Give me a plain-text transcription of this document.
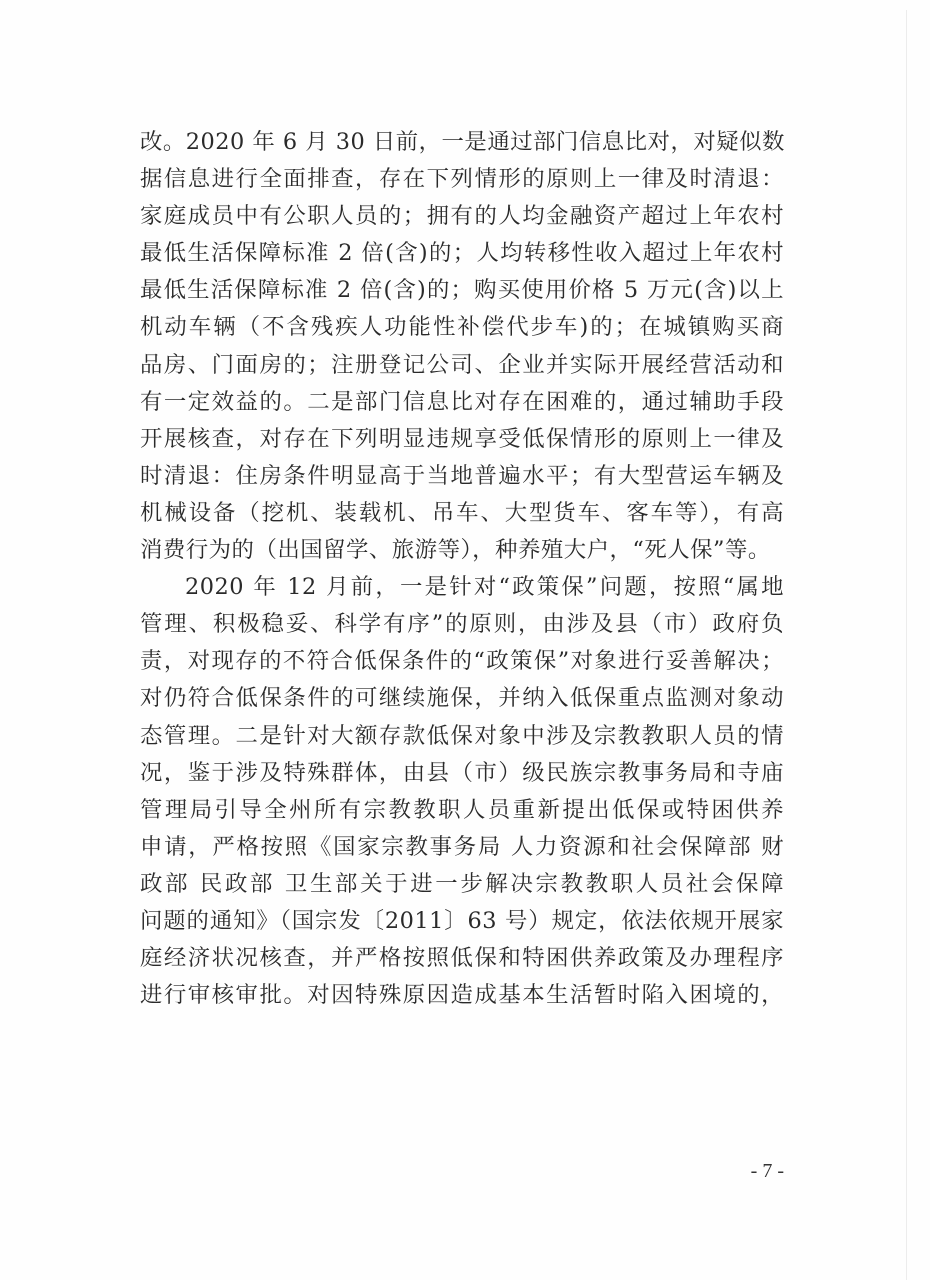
改。2020 年 6 月 30 日前，一是通过部门信息比对，对疑似数
据信息进行全面排查，存在下列情形的原则上一律及时清退：
家庭成员中有公职人员的；拥有的人均金融资产超过上年农村
最低生活保障标准 2 倍(含)的；人均转移性收入超过上年农村
最低生活保障标准 2 倍(含)的；购买使用价格 5 万元(含)以上
机动车辆（不含残疾人功能性补偿代步车)的；在城镇购买商
品房、门面房的；注册登记公司、企业并实际开展经营活动和
有一定效益的。二是部门信息比对存在困难的，通过辅助手段
开展核查，对存在下列明显违规享受低保情形的原则上一律及
时清退：住房条件明显高于当地普遍水平；有大型营运车辆及
机械设备（挖机、装载机、吊车、大型货车、客车等），有高
消费行为的（出国留学、旅游等），种养殖大户，“死人保”等。
2020 年 12 月前，一是针对“政策保”问题，按照“属地
管理、积极稳妥、科学有序”的原则，由涉及县（市）政府负
责，对现存的不符合低保条件的“政策保”对象进行妥善解决；
对仍符合低保条件的可继续施保，并纳入低保重点监测对象动
态管理。二是针对大额存款低保对象中涉及宗教教职人员的情
况，鉴于涉及特殊群体，由县（市）级民族宗教事务局和寺庙
管理局引导全州所有宗教教职人员重新提出低保或特困供养
申请，严格按照《国家宗教事务局 人力资源和社会保障部 财
政部 民政部 卫生部关于进一步解决宗教教职人员社会保障
问题的通知》（国宗发〔2011〕63 号）规定，依法依规开展家
庭经济状况核查，并严格按照低保和特困供养政策及办理程序
进行审核审批。对因特殊原因造成基本生活暂时陷入困境的，
- 7 -
